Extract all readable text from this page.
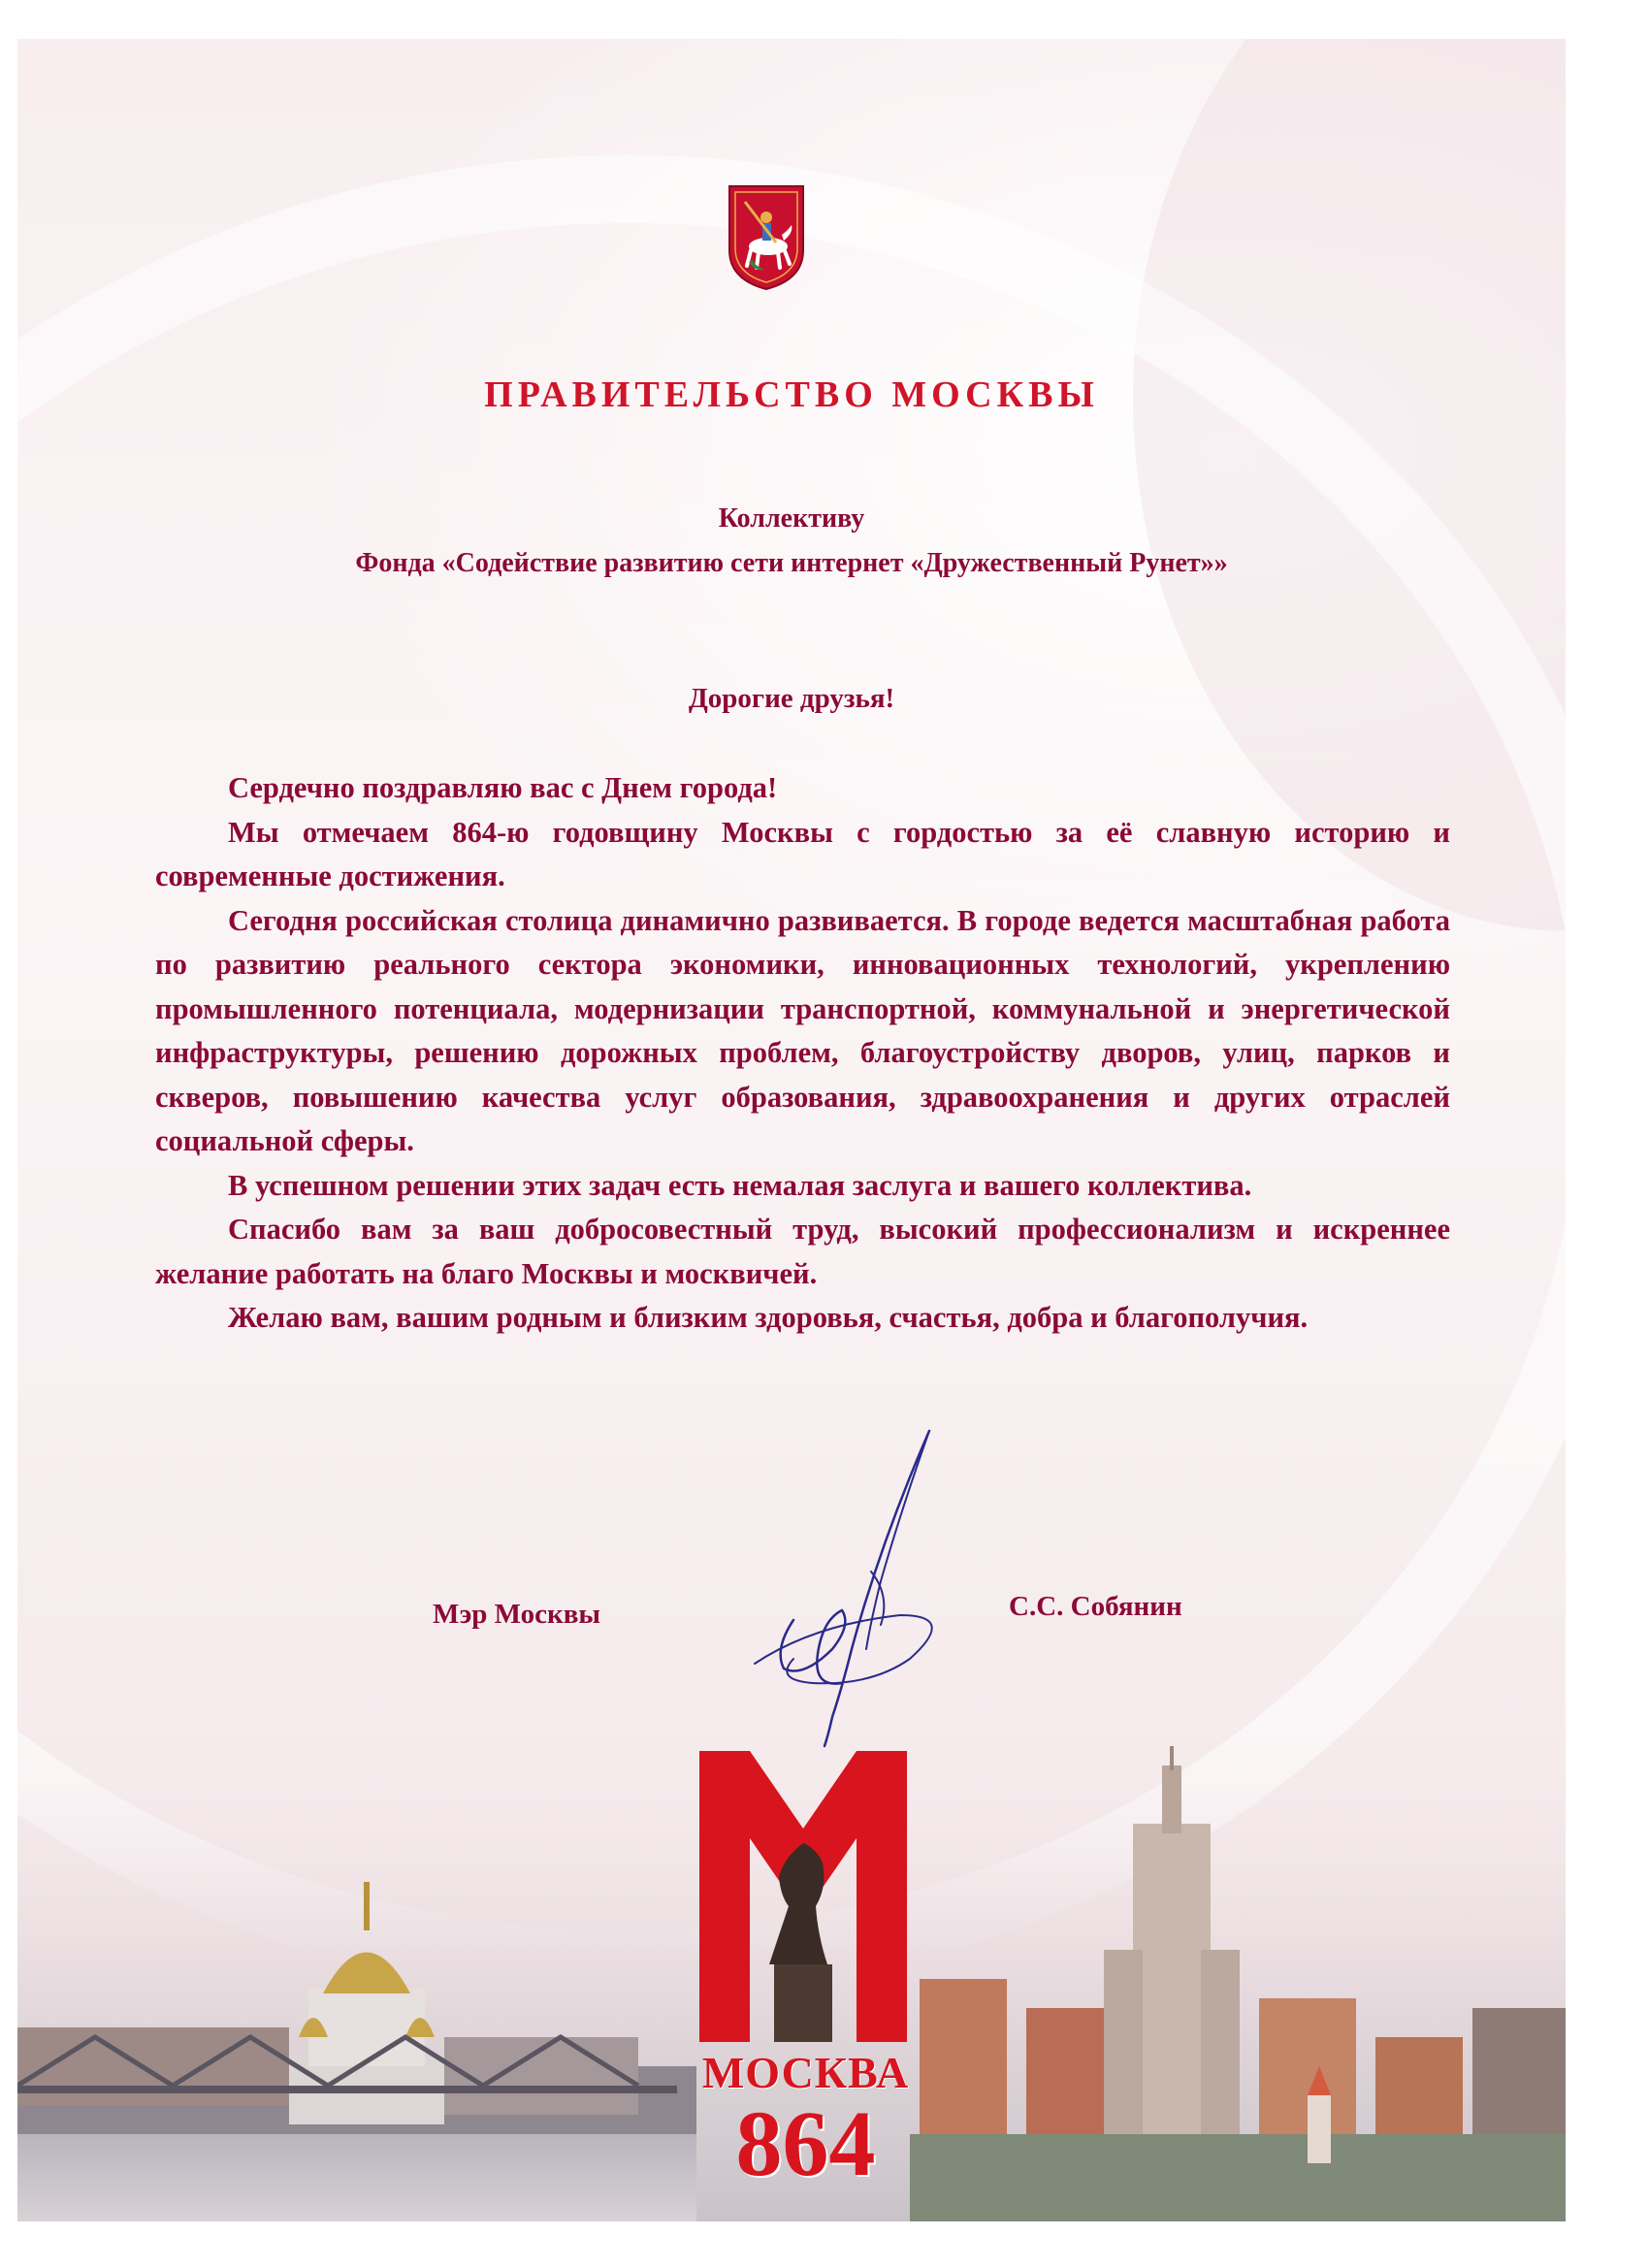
ПРАВИТЕЛЬСТВО МОСКВЫ
Коллективу
Фонда «Содействие развитию сети интернет «Дружественный Рунет»»
Дорогие друзья!

Сердечно поздравляю вас с Днем города!

Мы отмечаем 864-ю годовщину Москвы с гордостью за её славную историю и современные достижения.

Сегодня российская столица динамично развивается. В городе ведется масштабная работа по развитию реального сектора экономики, инновационных технологий, укреплению промышленного потенциала, модернизации транспортной, коммунальной и энергетической инфраструктуры, решению дорожных проблем, благоустройству дворов, улиц, парков и скверов, повышению качества услуг образования, здравоохранения и других отраслей социальной сферы.

В успешном решении этих задач есть немалая заслуга и вашего коллектива.

Спасибо вам за ваш добросовестный труд, высокий профессионализм и искреннее желание работать на благо Москвы и москвичей.

Желаю вам, вашим родным и близким здоровья, счастья, добра и благополучия.

Мэр Москвы	С.С. Собянин
МОСКВА
864
